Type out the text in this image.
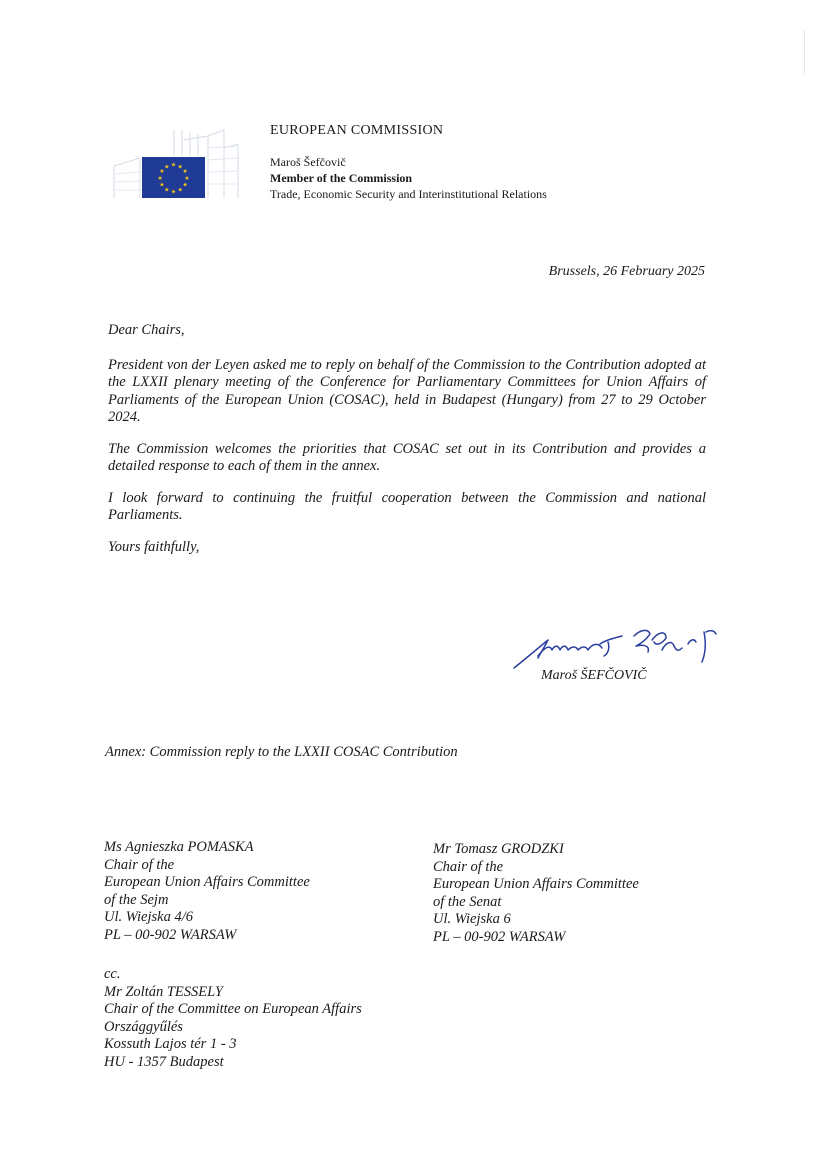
★ ★
★
★
★
★
★
★
★
★
★
★
EUROPEAN COMMISSION
Maroš Šefčovič
Member of the Commission
Trade, Economic Security and Interinstitutional Relations
Brussels, 26 February 2025

Dear Chairs,

President von der Leyen asked me to reply on behalf of the Commission to the Contribution adopted at the LXXII plenary meeting of the Conference for Parliamentary Committees for Union Affairs of Parliaments of the European Union (COSAC), held in Budapest (Hungary) from 27 to 29 October 2024.

The Commission welcomes the priorities that COSAC set out in its Contribution and provides a detailed response to each of them in the annex.

I look forward to continuing the fruitful cooperation between the Commission and national Parliaments.

Yours faithfully,

Maroš ŠEFČOVIČ
Annex: Commission reply to the LXXII COSAC Contribution
Ms Agnieszka POMASKA
Chair of the
European Union Affairs Committee
of the Sejm
Ul. Wiejska 4/6
PL – 00-902 WARSAW
Mr Tomasz GRODZKI
Chair of the
European Union Affairs Committee
of the Senat
Ul. Wiejska 6
PL – 00-902 WARSAW
cc.
Mr Zoltán TESSELY
Chair of the Committee on European Affairs
Országgyűlés
Kossuth Lajos tér 1 - 3
HU - 1357 Budapest
